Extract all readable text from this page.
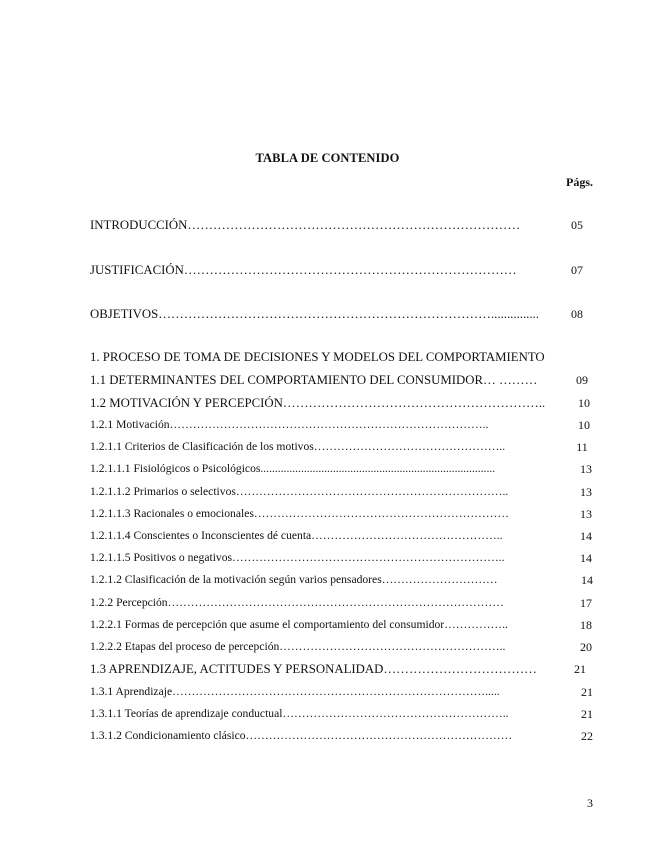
TABLA DE CONTENIDO
Págs.
INTRODUCCIÓN……………………………………………………………………	05
JUSTIFICACIÓN……………………………………………………………………	07
OBJETIVOS……………………………………………………………………...............	08
1. PROCESO DE TOMA DE DECISIONES Y MODELOS DEL COMPORTAMIENTO
1.1 DETERMINANTES DEL COMPORTAMIENTO DEL CONSUMIDOR… ………	09
1.2 MOTIVACIÓN Y PERCEPCIÓN……………………………………………………..	10
1.2.1 Motivación………………………………………………………………………..	10
1.2.1.1 Criterios de Clasificación de los motivos…………………………………………..	11
1.2.1.1.1 Fisiológicos o Psicológicos.................................................................................	13
1.2.1.1.2 Primarios o selectivos……………………………………………………………..	13
1.2.1.1.3 Racionales o emocionales…………………………………………………………	13
1.2.1.1.4 Conscientes o Inconscientes dé cuenta…………………………………………..	14
1.2.1.1.5 Positivos o negativos……………………………………………………………..	14
1.2.1.2 Clasificación de la motivación según varios pensadores…………………………	14
1.2.2 Percepción……………………………………………………………………………	17
1.2.2.1 Formas de percepción que asume el comportamiento del consumidor……………..	18
1.2.2.2 Etapas del proceso de percepción…………………………………………………..	20
1.3 APRENDIZAJE, ACTITUDES Y PERSONALIDAD………………………………	21
1.3.1 Aprendizaje……………………………………………………………………….....	21
1.3.1.1 Teorías de aprendizaje conductual…………………………………………………..	21
1.3.1.2 Condicionamiento clásico……………………………………………………………	22
3
